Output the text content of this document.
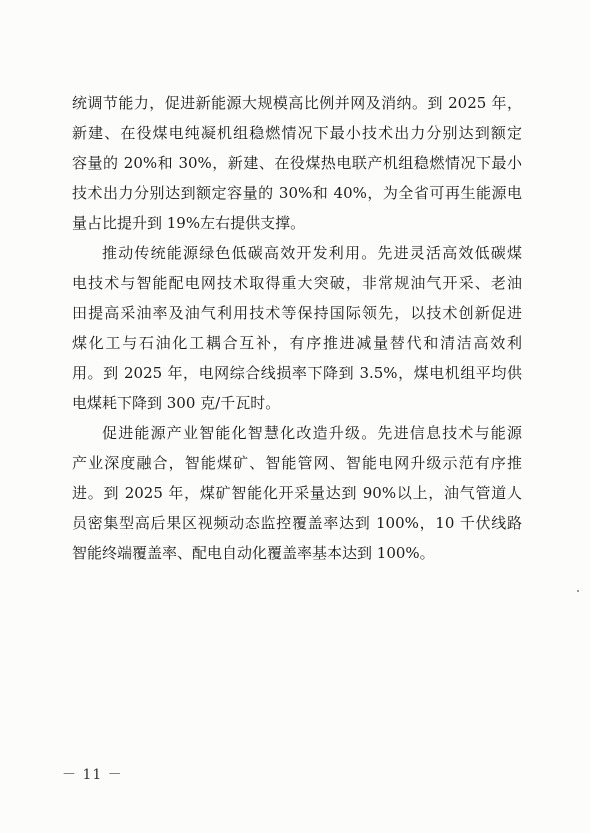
统调节能力，促进新能源大规模高比例并网及消纳。到 2025 年，
新建、在役煤电纯凝机组稳燃情况下最小技术出力分别达到额定
容量的 20%和 30%，新建、在役煤热电联产机组稳燃情况下最小
技术出力分别达到额定容量的 30%和 40%，为全省可再生能源电
量占比提升到 19%左右提供支撑。
推动传统能源绿色低碳高效开发利用。先进灵活高效低碳煤
电技术与智能配电网技术取得重大突破，非常规油气开采、老油
田提高采油率及油气利用技术等保持国际领先，以技术创新促进
煤化工与石油化工耦合互补，有序推进减量替代和清洁高效利
用。到 2025 年，电网综合线损率下降到 3.5%，煤电机组平均供
电煤耗下降到 300 克/千瓦时。
促进能源产业智能化智慧化改造升级。先进信息技术与能源
产业深度融合，智能煤矿、智能管网、智能电网升级示范有序推
进。到 2025 年，煤矿智能化开采量达到 90%以上，油气管道人
员密集型高后果区视频动态监控覆盖率达到 100%，10 千伏线路
智能终端覆盖率、配电自动化覆盖率基本达到 100%。
－ 11 －
